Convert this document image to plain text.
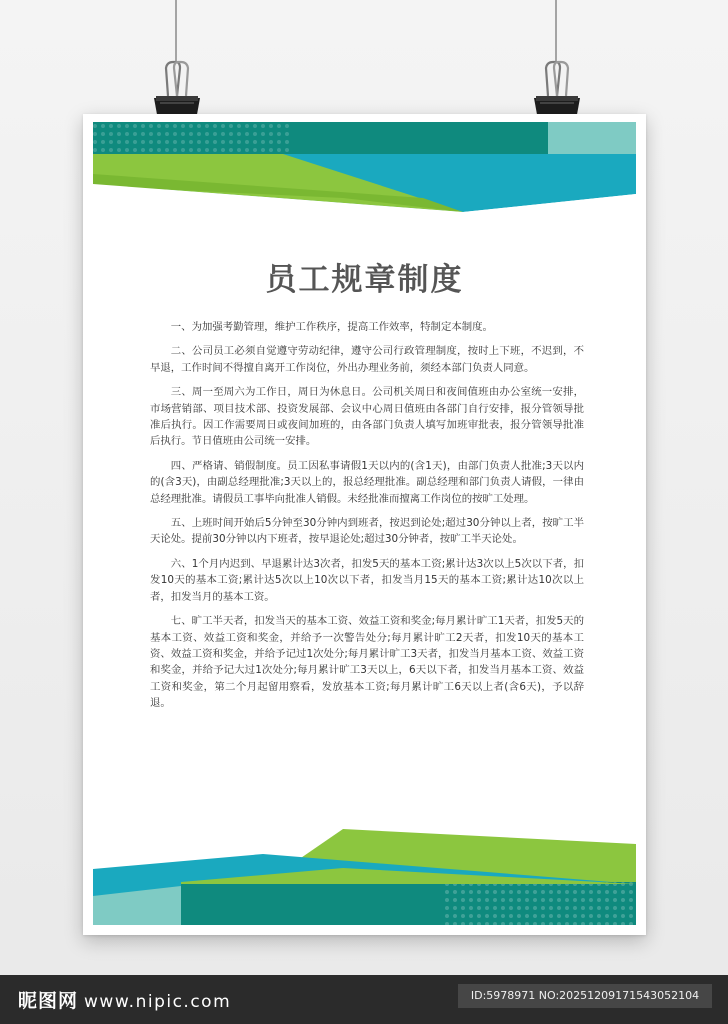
员工规章制度

一、为加强考勤管理，维护工作秩序，提高工作效率，特制定本制度。

二、公司员工必须自觉遵守劳动纪律，遵守公司行政管理制度，按时上下班，不迟到，不早退，工作时间不得擅自离开工作岗位，外出办理业务前，须经本部门负责人同意。

三、周一至周六为工作日，周日为休息日。公司机关周日和夜间值班由办公室统一安排，市场营销部、项目技术部、投资发展部、会议中心周日值班由各部门自行安排，报分管领导批准后执行。因工作需要周日或夜间加班的，由各部门负责人填写加班审批表，报分管领导批准后执行。节日值班由公司统一安排。

四、严格请、销假制度。员工因私事请假1天以内的(含1天)，由部门负责人批准;3天以内的(含3天)，由副总经理批准;3天以上的，报总经理批准。副总经理和部门负责人请假，一律由总经理批准。请假员工事毕向批准人销假。未经批准而擅离工作岗位的按旷工处理。

五、上班时间开始后5分钟至30分钟内到班者，按迟到论处;超过30分钟以上者，按旷工半天论处。提前30分钟以内下班者，按早退论处;超过30分钟者，按旷工半天论处。

六、1个月内迟到、早退累计达3次者，扣发5天的基本工资;累计达3次以上5次以下者，扣发10天的基本工资;累计达5次以上10次以下者，扣发当月15天的基本工资;累计达10次以上者，扣发当月的基本工资。

七、旷工半天者，扣发当天的基本工资、效益工资和奖金;每月累计旷工1天者，扣发5天的基本工资、效益工资和奖金，并给予一次警告处分;每月累计旷工2天者，扣发10天的基本工资、效益工资和奖金，并给予记过1次处分;每月累计旷工3天者，扣发当月基本工资、效益工资和奖金，并给予记大过1次处分;每月累计旷工3天以上，6天以下者，扣发当月基本工资、效益工资和奖金，第二个月起留用察看，发放基本工资;每月累计旷工6天以上者(含6天)，予以辞退。

昵图网 www.nipic.com	ID:5978971 NO:20251209171543052104
